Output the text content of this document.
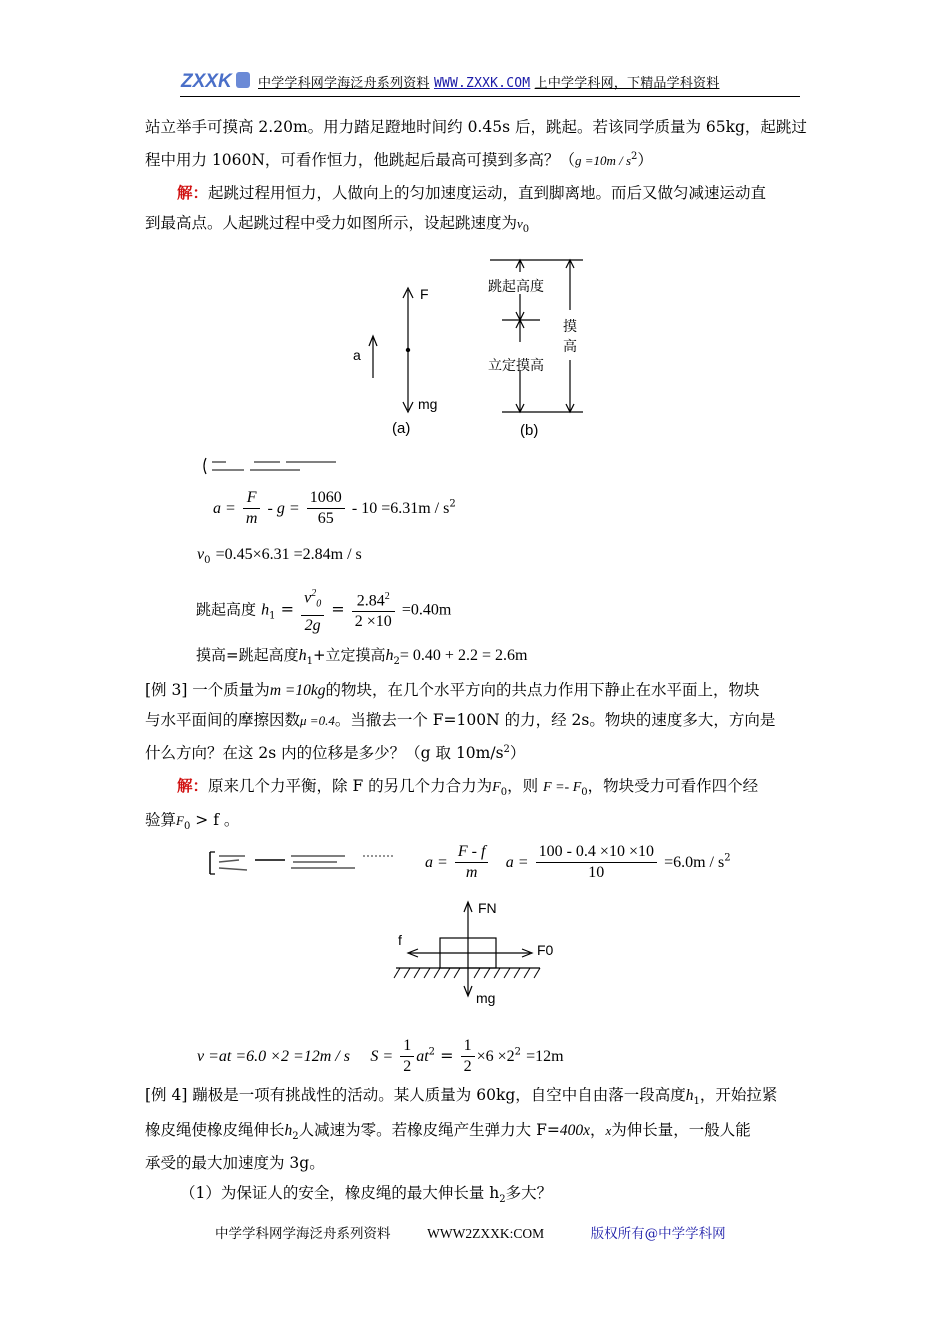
ZXXK 中学学科网学海泛舟系列资料 WWW.ZXXK.COM 上中学学科网，下精品学科资料
站立举手可摸高 2.20m。用力踏足蹬地时间约 0.45s 后，跳起。若该同学质量为 65kg，起跳过
程中用力 1060N，可看作恒力，他跳起后最高可摸到多高？$(g =10m / s^2)$
解：起跳过程用恒力，人做向上的匀加速度运动，直到脚离地。而后又做匀减速运动直
到最高点。人起跳过程中受力如图所示，设起跳速度为$v_0$
F
a
mg
(a)
跳起高度
立定摸高
摸
高
(b)
$a = \frac{F}{m} - g = \frac{1060}{65} - 10 =6.31m / s^2$
$v_0 =0.45\times 6.31 =2.84m / s$
跳起高度 $h_1 = \frac{v^2_0}{2g} = \frac{2.84^2}{2 \times 10} =0.40m$
摸高=跳起高度$h_1+$立定摸高$h_2= 0.40 + 2.2 = 2.6m$
[例 3] 一个质量为m =10kg的物块，在几个水平方向的共点力作用下静止在水平面上，物块
与水平面间的摩擦因数μ =0.4。当撤去一个 F=100N 的力，经 2s。物块的速度多大，方向是
什么方向？在这 2s 内的位移是多少？（g 取 $10m/s^2$）
解：原来几个力平衡，除 F 的另几个力合力为$F_0$，则 $F =- F_0$，物块受力可看作四个经
验算$F_0 > f$ 。
$a = \frac{F - f}{m}$ $a = \frac{100 - 0.4 \times 10 \times 10}{10} =6.0m / s^2$
FN
f
F0
mg
v =at =6.0 ×2 =12m / s $S = \frac{1}{2} at^2 = \frac{1}{2} \times 6 \times 2^2 =12m$
[例 4] 蹦极是一项有挑战性的活动。某人质量为 60kg，自空中自由落一段高度$h_1$，开始拉紧
橡皮绳使橡皮绳伸长$h_2$人减速为零。若橡皮绳产生弹力大 F=400x，x为伸长量，一般人能
承受的最大加速度为 3g。
（1）为保证人的安全，橡皮绳的最大伸长量 $h_2$多大？
中学学科网学海泛舟系列资料	WWW2ZXXK:COM	版权所有@中学学科网
